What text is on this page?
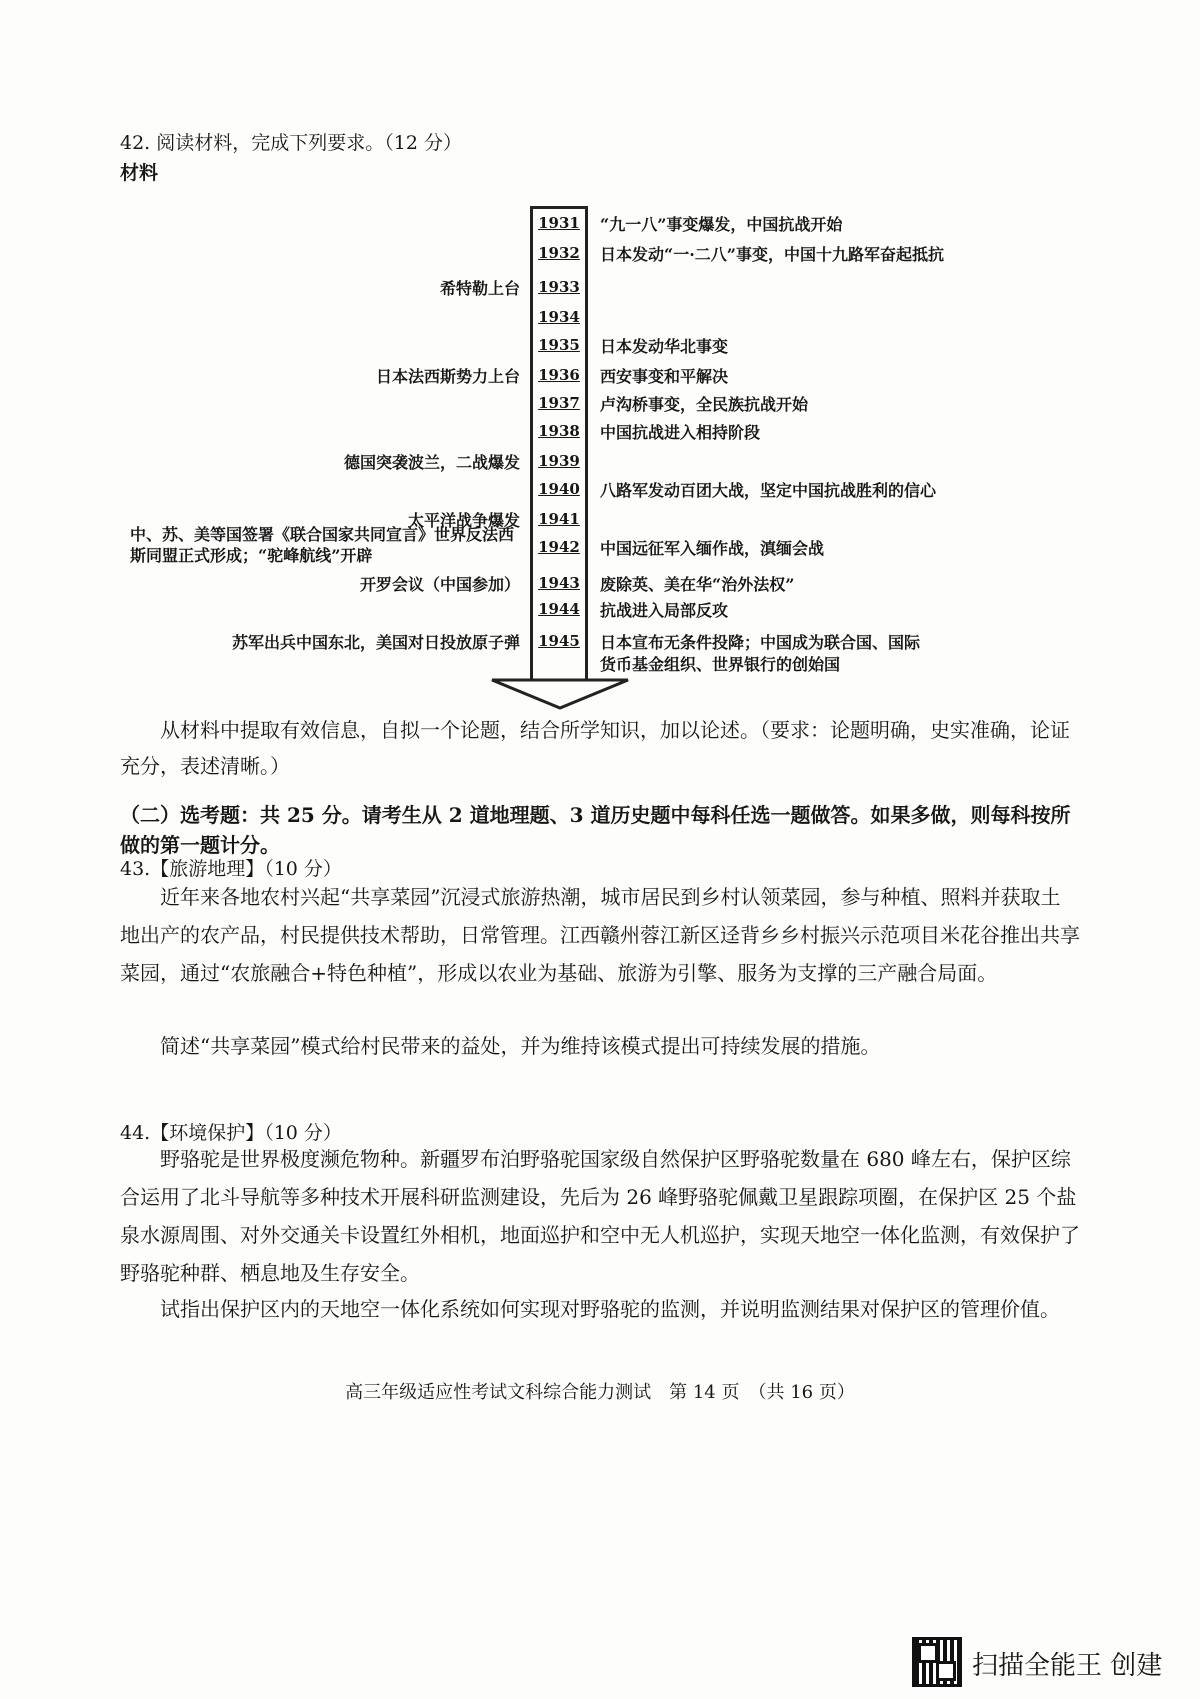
42. 阅读材料，完成下列要求。（12 分）
材料
1931 “九一八”事变爆发，中国抗战开始
1932 日本发动“一·二八”事变，中国十九路军奋起抵抗
1933
希特勒上台
1934
1935 日本发动华北事变
1936 西安事变和平解决
日本法西斯势力上台
1937 卢沟桥事变，全民族抗战开始
1938 中国抗战进入相持阶段
1939
德国突袭波兰，二战爆发
1940 八路军发动百团大战，坚定中国抗战胜利的信心
1941
太平洋战争爆发
1942 中国远征军入缅作战，滇缅会战
中、苏、美等国签署《联合国家共同宣言》世界反法西斯同盟正式形成；“驼峰航线”开辟
1943 废除英、美在华“治外法权”
开罗会议（中国参加）
1944 抗战进入局部反攻
1945 日本宣布无条件投降；中国成为联合国、国际货币基金组织、世界银行的创始国
苏军出兵中国东北，美国对日投放原子弹
从材料中提取有效信息，自拟一个论题，结合所学知识，加以论述。（要求：论题明确，史实准确，论证充分，表述清晰。）
（二）选考题：共 25 分。请考生从 2 道地理题、3 道历史题中每科任选一题做答。如果多做，则每科按所做的第一题计分。
43.【旅游地理】（10 分）
近年来各地农村兴起“共享菜园”沉浸式旅游热潮，城市居民到乡村认领菜园，参与种植、照料并获取土地出产的农产品，村民提供技术帮助，日常管理。江西赣州蓉江新区迳背乡乡村振兴示范项目米花谷推出共享菜园，通过“农旅融合+特色种植”，形成以农业为基础、旅游为引擎、服务为支撑的三产融合局面。
简述“共享菜园”模式给村民带来的益处，并为维持该模式提出可持续发展的措施。
44.【环境保护】（10 分）
野骆驼是世界极度濒危物种。新疆罗布泊野骆驼国家级自然保护区野骆驼数量在 680 峰左右，保护区综合运用了北斗导航等多种技术开展科研监测建设，先后为 26 峰野骆驼佩戴卫星跟踪项圈，在保护区 25 个盐泉水源周围、对外交通关卡设置红外相机，地面巡护和空中无人机巡护，实现天地空一体化监测，有效保护了野骆驼种群、栖息地及生存安全。
试指出保护区内的天地空一体化系统如何实现对野骆驼的监测，并说明监测结果对保护区的管理价值。
高三年级适应性考试文科综合能力测试　第 14 页　（共 16 页）
扫描全能王 创建
